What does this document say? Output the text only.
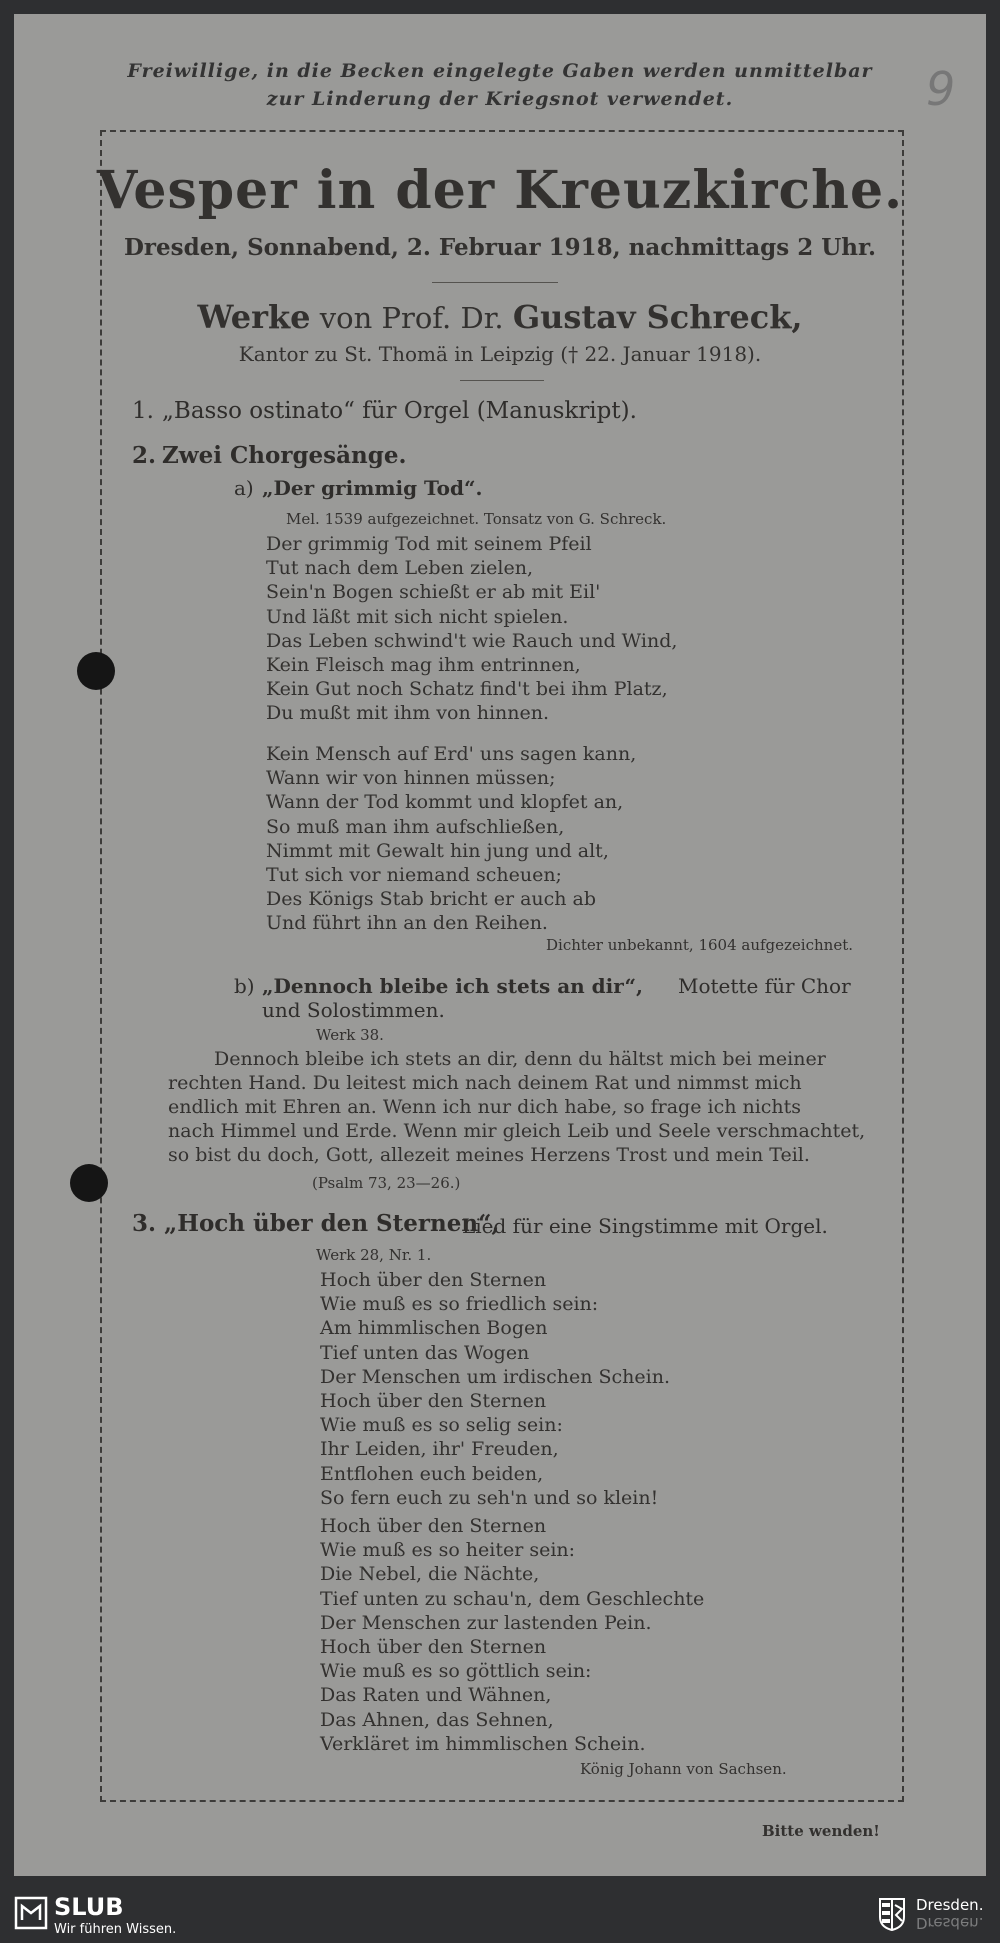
Freiwillige, in die Becken eingelegte Gaben werden unmittelbar
zur Linderung der Kriegsnot verwendet.	9
Vesper in der Kreuzkirche.
Dresden, Sonnabend, 2. Februar 1918, nachmittags 2 Uhr.
Werke von Prof. Dr. Gustav Schreck,
Kantor zu St. Thomä in Leipzig († 22. Januar 1918).
1. „Basso ostinato“ für Orgel (Manuskript).
2. Zwei Chorgesänge.
a) „Der grimmig Tod“.
Mel. 1539 aufgezeichnet. Tonsatz von G. Schreck.
Der grimmig Tod mit seinem Pfeil
Tut nach dem Leben zielen,
Sein'n Bogen schießt er ab mit Eil'
Und läßt mit sich nicht spielen.
Das Leben schwind't wie Rauch und Wind,
Kein Fleisch mag ihm entrinnen,
Kein Gut noch Schatz find't bei ihm Platz,
Du mußt mit ihm von hinnen.
Kein Mensch auf Erd' uns sagen kann,
Wann wir von hinnen müssen;
Wann der Tod kommt und klopfet an,
So muß man ihm aufschließen,
Nimmt mit Gewalt hin jung und alt,
Tut sich vor niemand scheuen;
Des Königs Stab bricht er auch ab
Und führt ihn an den Reihen.
Dichter unbekannt, 1604 aufgezeichnet.
b) „Dennoch bleibe ich stets an dir“, Motette für Chor
und Solostimmen.
Werk 38.
Dennoch bleibe ich stets an dir, denn du hältst mich bei meiner
rechten Hand. Du leitest mich nach deinem Rat und nimmst mich
endlich mit Ehren an. Wenn ich nur dich habe, so frage ich nichts
nach Himmel und Erde. Wenn mir gleich Leib und Seele verschmachtet,
so bist du doch, Gott, allezeit meines Herzens Trost und mein Teil.
(Psalm 73, 23—26.)
3. „Hoch über den Sternen“,
Lied für eine Singstimme mit Orgel.
Werk 28, Nr. 1.
Hoch über den Sternen
Wie muß es so friedlich sein:
Am himmlischen Bogen
Tief unten das Wogen
Der Menschen um irdischen Schein.
Hoch über den Sternen
Wie muß es so selig sein:
Ihr Leiden, ihr' Freuden,
Entflohen euch beiden,
So fern euch zu seh'n und so klein!
Hoch über den Sternen
Wie muß es so heiter sein:
Die Nebel, die Nächte,
Tief unten zu schau'n, dem Geschlechte
Der Menschen zur lastenden Pein.
Hoch über den Sternen
Wie muß es so göttlich sein:
Das Raten und Wähnen,
Das Ahnen, das Sehnen,
Verkläret im himmlischen Schein.
König Johann von Sachsen.
Bitte wenden!
SLUB
Wir führen Wissen.
Dresden.
Dresden.
